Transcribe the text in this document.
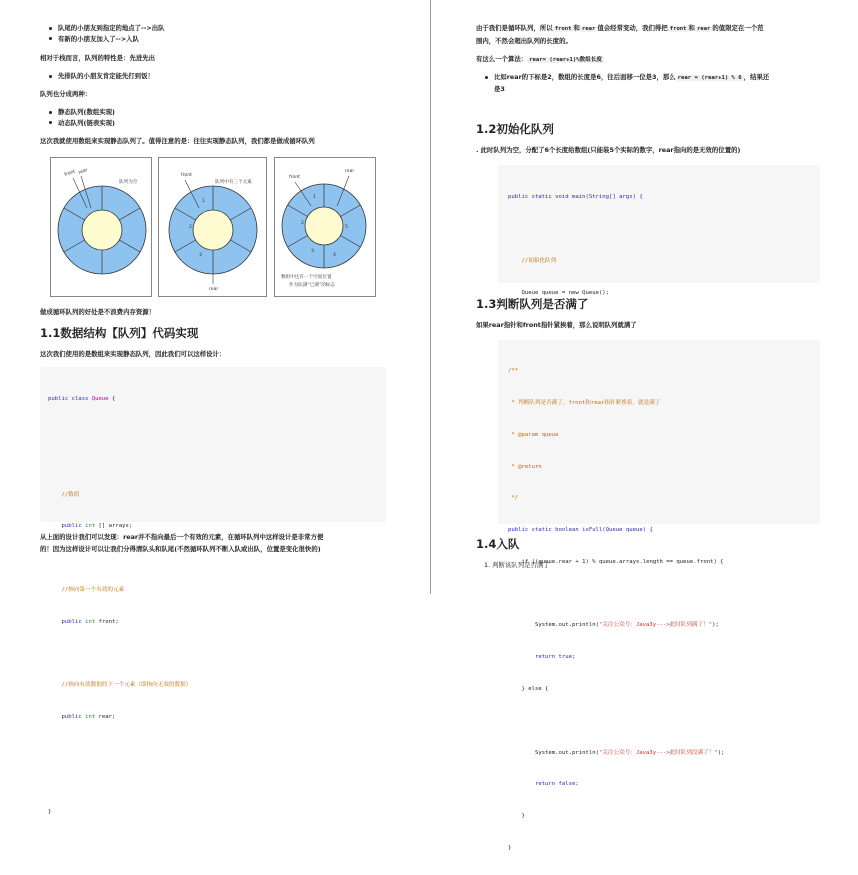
队尾的小朋友到指定的地点了-->出队
有新的小朋友加入了-->入队
相对于栈而言，队列的特性是：先进先出
先排队的小朋友肯定能先打到饭！
队列也分成两种：
静态队列(数组实现)
动态队列(链表实现)
这次我就使用数组来实现静态队列了。值得注意的是：往往实现静态队列，我们都是做成循环队列
front rear
队列为空
1
2
3
front
rear
队列中有三个元素
1
2
3
4
5
front
rear
数组中还有一个空间位置
作为队满“已满”的标志
做成循环队列的好处是不浪费内存资源！
1.1数据结构【队列】代码实现
这次我们使用的是数组来实现静态队列，因此我们可以这样设计：

public class Queue {

//数组

public int [] arrays;

//指向第一个有效的元素

public int front;

//指向有效数据的下一个元素（即指向无效的数据）

public int rear;

}

从上面的设计我们可以发现：rear并不指向最后一个有效的元素，在循环队列中这样设计是非常方便
的！因为这样设计可以让我们分得清队头和队尾(不然循环队列不断入队或出队，位置是变化很快的)
由于我们是循环队列，所以 front 和 rear 值会经常变动，我们得把 front 和 rear 的值限定在一个范
围内，不然会超出队列的长度的。
有这么一个算法： rear= (rear+1)%数组长度
比如rear的下标是2，数组的长度是6，往后面移一位是3，那么 rear = (rear+1) % 6 ，结果还
是3
1.2初始化队列
. 此时队列为空，分配了6个长度给数组(只能装5个实际的数字，rear指向的是无效的位置的)

public static void main(String[] args) {

//初始化队列

Queue queue = new Queue();

1.3判断队列是否满了
如果rear指针和front指针紧挨着，那么说明队列就满了

/**

* 判断队列是否满了，front和rear指针紧挨着，就是满了

* @param queue

* @return

*/

public static boolean isFull(Queue queue) {

if ((queue.rear + 1) % queue.arrays.length == queue.front) {

System.out.println("关注公众号：Java3y--->此时队列满了！");

return true;

} else {

System.out.println("关注公众号：Java3y--->此时队列没满了！");

return false;

}

}

1.4入队
1. 判断该队列是否满了
